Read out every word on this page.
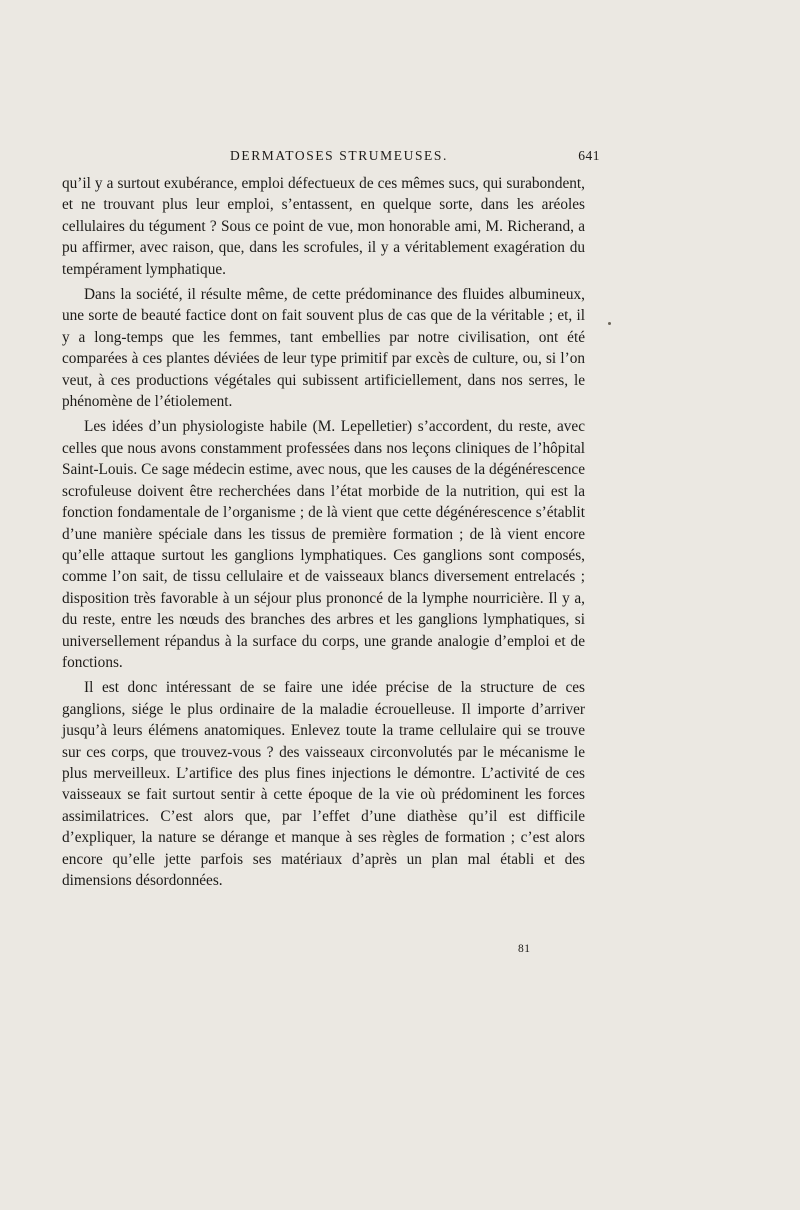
DERMATOSES STRUMEUSES.	641

qu’il y a surtout exubérance, emploi défectueux de ces mêmes sucs, qui surabondent, et ne trouvant plus leur emploi, s’entassent, en quelque sorte, dans les aréoles cellulaires du tégument ? Sous ce point de vue, mon honorable ami, M. Richerand, a pu affirmer, avec raison, que, dans les scrofules, il y a véritablement exagération du tempérament lymphatique.

Dans la société, il résulte même, de cette prédominance des fluides albumineux, une sorte de beauté factice dont on fait souvent plus de cas que de la véritable ; et, il y a long-temps que les femmes, tant embellies par notre civilisation, ont été comparées à ces plantes déviées de leur type primitif par excès de culture, ou, si l’on veut, à ces productions végétales qui subissent artificiellement, dans nos serres, le phénomène de l’étiolement.

Les idées d’un physiologiste habile (M. Lepelletier) s’accordent, du reste, avec celles que nous avons constamment professées dans nos leçons cliniques de l’hôpital Saint-Louis. Ce sage médecin estime, avec nous, que les causes de la dégénérescence scrofuleuse doivent être recherchées dans l’état morbide de la nutrition, qui est la fonction fondamentale de l’organisme ; de là vient que cette dégénérescence s’établit d’une manière spéciale dans les tissus de première formation ; de là vient encore qu’elle attaque surtout les ganglions lymphatiques. Ces ganglions sont composés, comme l’on sait, de tissu cellulaire et de vaisseaux blancs diversement entrelacés ; disposition très favorable à un séjour plus prononcé de la lymphe nourricière. Il y a, du reste, entre les nœuds des branches des arbres et les ganglions lymphatiques, si universellement répandus à la surface du corps, une grande analogie d’emploi et de fonctions.

Il est donc intéressant de se faire une idée précise de la structure de ces ganglions, siége le plus ordinaire de la maladie écrouelleuse. Il importe d’arriver jusqu’à leurs élémens anatomiques. Enlevez toute la trame cellulaire qui se trouve sur ces corps, que trouvez-vous ? des vaisseaux circonvolutés par le mécanisme le plus merveilleux. L’artifice des plus fines injections le démontre. L’activité de ces vaisseaux se fait surtout sentir à cette époque de la vie où prédominent les forces assimilatrices. C’est alors que, par l’effet d’une diathèse qu’il est difficile d’expliquer, la nature se dérange et manque à ses règles de formation ; c’est alors encore qu’elle jette parfois ses matériaux d’après un plan mal établi et des dimensions désordonnées.

81
